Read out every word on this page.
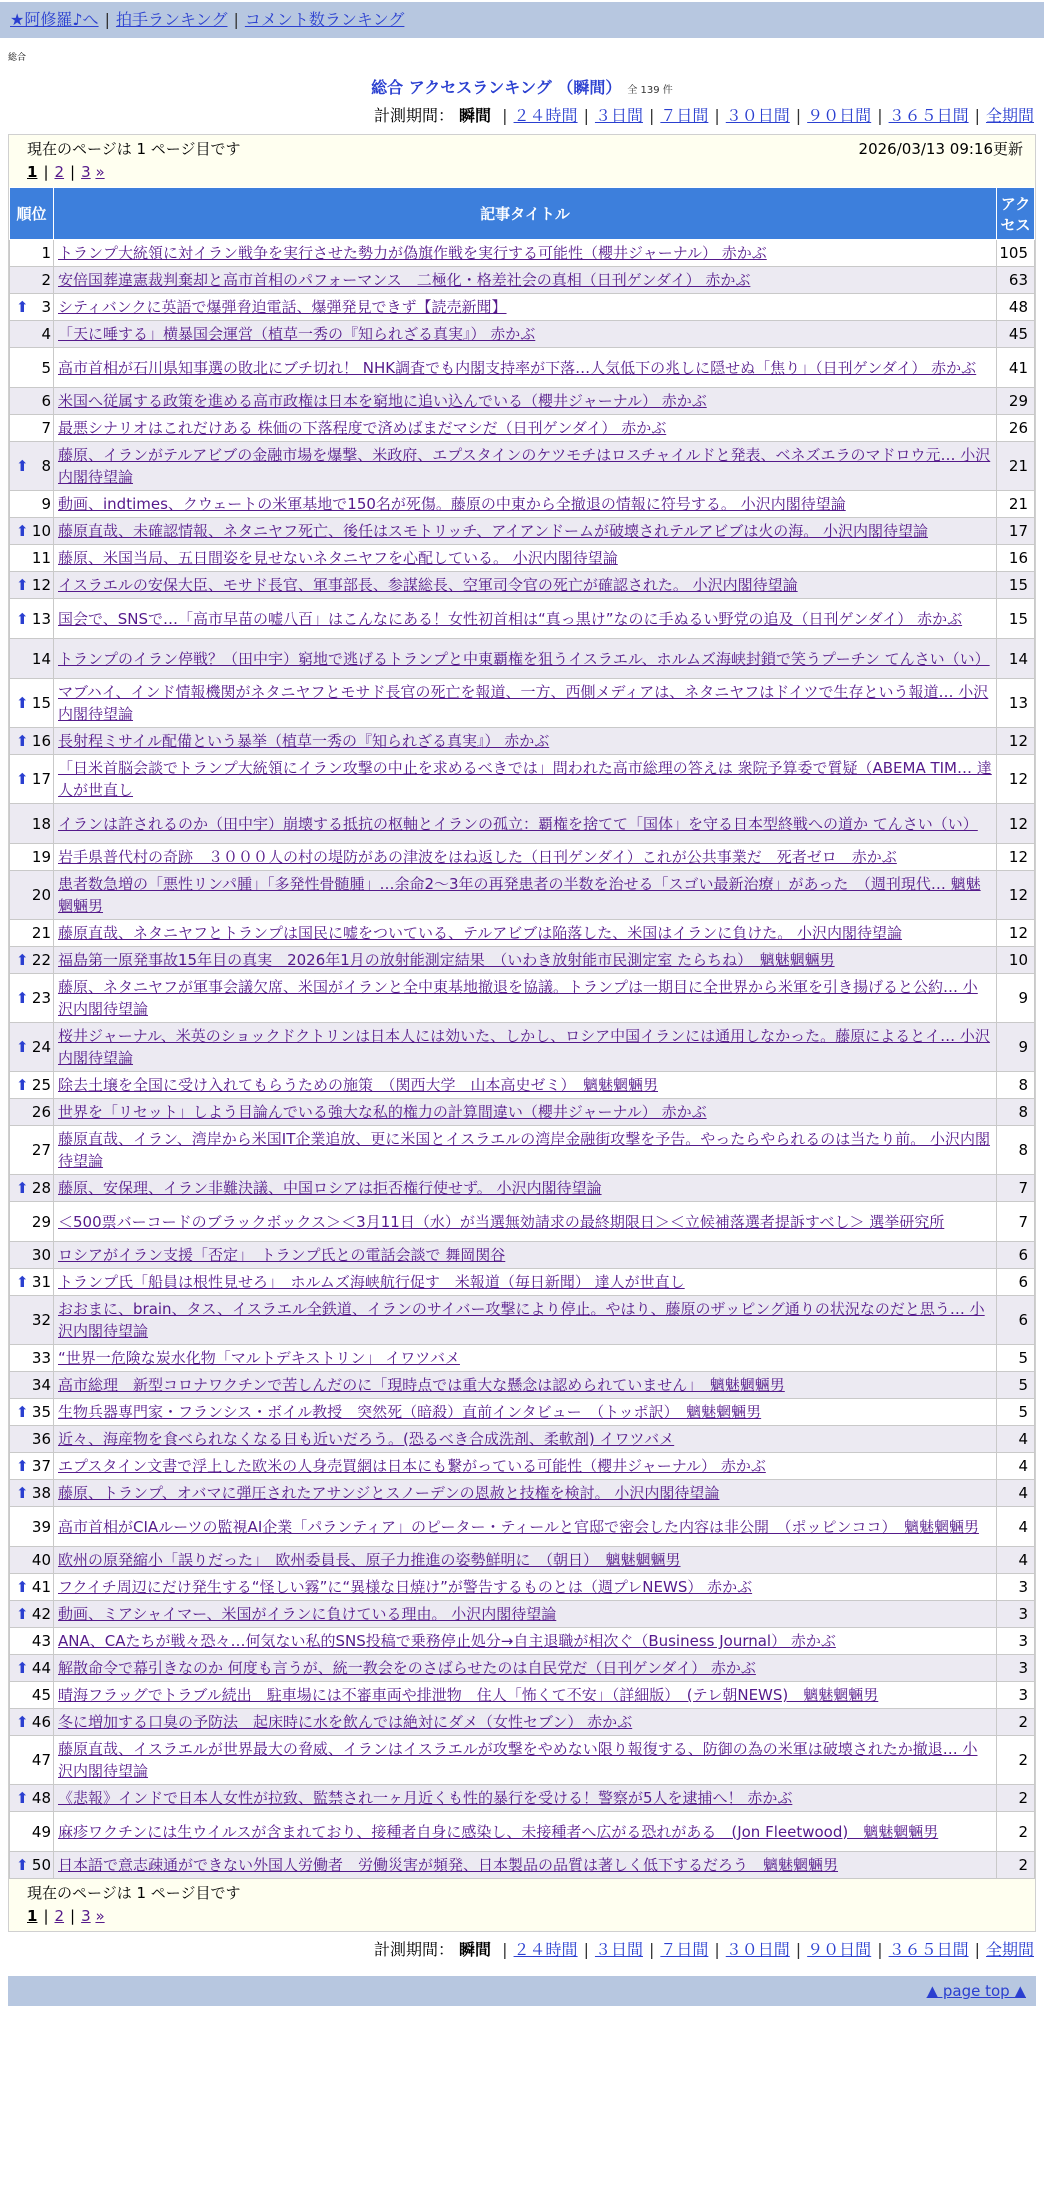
★阿修羅♪へ | 拍手ランキング | コメント数ランキング
総合
総合 アクセスランキング （瞬間） 全 139 件
計測期間： 瞬間 | ２４時間 | ３日間 | ７日間 | ３０日間 | ９０日間 | ３６５日間 | 全期間
現在のページは 1 ページ目です	2026/03/13 09:16更新
1 | 2 | 3 »
順位	記事タイトル	アクセス
1	トランプ大統領に対イラン戦争を実行させた勢力が偽旗作戦を実行する可能性（櫻井ジャーナル） 赤かぶ	105
2	安倍国葬違憲裁判棄却と高市首相のパフォーマンス　二極化・格差社会の真相（日刊ゲンダイ） 赤かぶ	63

⬆ 3	シティバンクに英語で爆弾脅迫電話、爆弾発見できず【読売新聞】	48
4	「天に唾する」横暴国会運営（植草一秀の『知られざる真実』） 赤かぶ	45
5	高市首相が石川県知事選の敗北にブチ切れ！ NHK調査でも内閣支持率が下落…人気低下の兆しに隠せぬ「焦り」（日刊ゲンダイ） 赤かぶ	41
6	米国へ従属する政策を進める高市政権は日本を窮地に追い込んでいる（櫻井ジャーナル） 赤かぶ	29
7	最悪シナリオはこれだけある 株価の下落程度で済めばまだマシだ（日刊ゲンダイ） 赤かぶ	26

⬆ 8	藤原、イランがテルアビブの金融市場を爆撃、米政府、エプスタインのケツモチはロスチャイルドと発表、ベネズエラのマドロウ元… 小沢内閣待望論	21
9	動画、indtimes、クウェートの米軍基地で150名が死傷。藤原の中東から全撤退の情報に符号する。 小沢内閣待望論	21

⬆ 10	藤原直哉、未確認情報、ネタニヤフ死亡、後任はスモトリッチ、アイアンドームが破壊されテルアビブは火の海。 小沢内閣待望論	17
11	藤原、米国当局、五日間姿を見せないネタニヤフを心配している。 小沢内閣待望論	16

⬆ 12	イスラエルの安保大臣、モサド長官、軍事部長、参謀総長、空軍司令官の死亡が確認された。 小沢内閣待望論	15

⬆ 13	国会で、SNSで…「高市早苗の嘘八百」はこんなにある！女性初首相は“真っ黒け”なのに手ぬるい野党の追及（日刊ゲンダイ） 赤かぶ	15
14	トランプのイラン停戦？（田中宇）窮地で逃げるトランプと中東覇権を狙うイスラエル、ホルムズ海峡封鎖で笑うプーチン てんさい（い）	14

⬆ 15	マブハイ、インド情報機関がネタニヤフとモサド長官の死亡を報道、一方、西側メディアは、ネタニヤフはドイツで生存という報道… 小沢内閣待望論	13

⬆ 16	長射程ミサイル配備という暴挙（植草一秀の『知られざる真実』） 赤かぶ	12

⬆ 17	「日米首脳会談でトランプ大統領にイラン攻撃の中止を求めるべきでは」問われた高市総理の答えは 衆院予算委で質疑（ABEMA TIM… 達人が世直し	12
18	イランは許されるのか（田中宇）崩壊する抵抗の枢軸とイランの孤立：覇権を捨てて「国体」を守る日本型終戦への道か てんさい（い）	12
19	岩手県普代村の奇跡　３０００人の村の堤防があの津波をはね返した（日刊ゲンダイ）これが公共事業だ　死者ゼロ　赤かぶ	12
20	患者数急増の「悪性リンパ腫」「多発性骨髄腫」…余命2〜3年の再発患者の半数を治せる「スゴい最新治療」があった　（週刊現代… 魑魅魍魎男	12
21	藤原直哉、ネタニヤフとトランプは国民に嘘をついている、テルアビブは陥落した、米国はイランに負けた。 小沢内閣待望論	12

⬆ 22	福島第一原発事故15年目の真実　2026年1月の放射能測定結果　（いわき放射能市民測定室 たらちね）　魑魅魍魎男	10

⬆ 23	藤原、ネタニヤフが軍事会議欠席、米国がイランと全中東基地撤退を協議。トランプは一期目に全世界から米軍を引き揚げると公約… 小沢内閣待望論	9

⬆ 24	桜井ジャーナル、米英のショックドクトリンは日本人には効いた、しかし、ロシア中国イランには通用しなかった。藤原によるとイ… 小沢内閣待望論	9

⬆ 25	除去土壌を全国に受け入れてもらうための施策　（関西大学　山本高史ゼミ）　魑魅魍魎男	8
26	世界を「リセット」しよう目論んでいる強大な私的権力の計算間違い（櫻井ジャーナル） 赤かぶ	8
27	藤原直哉、イラン、湾岸から米国IT企業追放、更に米国とイスラエルの湾岸金融街攻撃を予告。やったらやられるのは当たり前。 小沢内閣待望論	8

⬆ 28	藤原、安保理、イラン非難決議、中国ロシアは拒否権行使せず。 小沢内閣待望論	7
29	＜500票バーコードのブラックボックス＞＜3月11日（水）が当選無効請求の最終期限日＞＜立候補落選者提訴すべし＞ 選挙研究所	7
30	ロシアがイラン支援「否定」　トランプ氏との電話会談で 舞岡関谷	6

⬆ 31	トランプ氏「船員は根性見せろ」　ホルムズ海峡航行促す　米報道（毎日新聞） 達人が世直し	6
32	おおまに、brain、タス、イスラエル全鉄道、イランのサイバー攻撃により停止。やはり、藤原のザッピング通りの状況なのだと思う… 小沢内閣待望論	6
33	“世界一危険な炭水化物「マルトデキストリン」 イワツバメ	5
34	高市総理　新型コロナワクチンで苦しんだのに「現時点では重大な懸念は認められていません」　魑魅魍魎男	5

⬆ 35	生物兵器専門家・フランシス・ボイル教授　突然死（暗殺）直前インタビュー　（トッポ訳）　魑魅魍魎男	5
36	近々、海産物を食べられなくなる日も近いだろう。(恐るべき合成洗剤、柔軟剤) イワツバメ	4

⬆ 37	エプスタイン文書で浮上した欧米の人身売買網は日本にも繋がっている可能性（櫻井ジャーナル） 赤かぶ	4

⬆ 38	藤原、トランプ、オバマに弾圧されたアサンジとスノーデンの恩赦と技権を検討。 小沢内閣待望論	4
39	高市首相がCIAルーツの監視AI企業「パランティア」のピーター・ティールと官邸で密会した内容は非公開　（ポッピンココ）　魑魅魍魎男	4
40	欧州の原発縮小「誤りだった」　欧州委員長、原子力推進の姿勢鮮明に　（朝日）　魑魅魍魎男	4

⬆ 41	フクイチ周辺にだけ発生する“怪しい霧”に“異様な日焼け”が警告するものとは（週プレNEWS） 赤かぶ	3

⬆ 42	動画、ミアシャイマー、米国がイランに負けている理由。 小沢内閣待望論	3
43	ANA、CAたちが戦々恐々…何気ない私的SNS投稿で乗務停止処分→自主退職が相次ぐ（Business Journal） 赤かぶ	3

⬆ 44	解散命令で幕引きなのか 何度も言うが、統一教会をのさばらせたのは自民党だ（日刊ゲンダイ） 赤かぶ	3
45	晴海フラッグでトラブル続出　駐車場には不審車両や排泄物　住人「怖くて不安」（詳細版）　(テレ朝NEWS)　魑魅魍魎男	3

⬆ 46	冬に増加する口臭の予防法　起床時に水を飲んでは絶対にダメ（女性セブン） 赤かぶ	2
47	藤原直哉、イスラエルが世界最大の脅威、イランはイスラエルが攻撃をやめない限り報復する、防御の為の米軍は破壊されたか撤退… 小沢内閣待望論	2

⬆ 48	《悲報》インドで日本人女性が拉致、監禁され一ヶ月近くも性的暴行を受ける！警察が5人を逮捕へ！ 赤かぶ	2
49	麻疹ワクチンには生ウイルスが含まれており、接種者自身に感染し、未接種者へ広がる恐れがある　(Jon Fleetwood)　魑魅魍魎男	2

⬆ 50	日本語で意志疎通ができない外国人労働者　労働災害が頻発、日本製品の品質は著しく低下するだろう　魑魅魍魎男	2
現在のページは 1 ページ目です
1 | 2 | 3 »
計測期間： 瞬間 | ２４時間 | ３日間 | ７日間 | ３０日間 | ９０日間 | ３６５日間 | 全期間
▲ page top ▲
